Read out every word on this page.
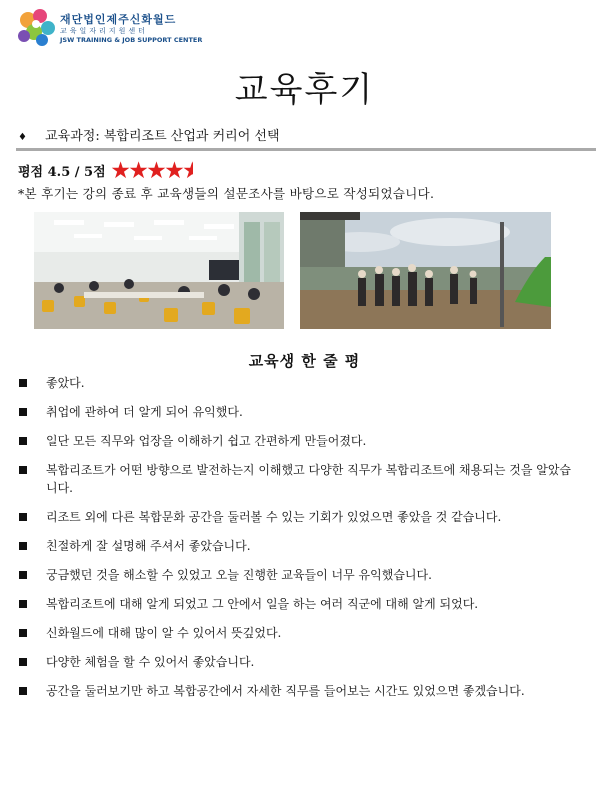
재단법인제주신화월드
교육일자리지원센터
JSW TRAINING & JOB SUPPORT CENTER
교육후기
♦ 교육과정: 복합리조트 산업과 커리어 선택
평점 4.5 / 5점 ★ ★ ★ ★ ★
*본 후기는 강의 종료 후 교육생들의 설문조사를 바탕으로 작성되었습니다.
교육생 한 줄 평
좋았다.
취업에 관하여 더 알게 되어 유익했다.
일단 모든 직무와 업장을 이해하기 쉽고 간편하게 만들어졌다.
복합리조트가 어떤 방향으로 발전하는지 이해했고 다양한 직무가 복합리조트에 채용되는 것을 알았습니다.
리조트 외에 다른 복합문화 공간을 둘러볼 수 있는 기회가 있었으면 좋았을 것 같습니다.
친절하게 잘 설명해 주셔서 좋았습니다.
궁금했던 것을 해소할 수 있었고 오늘 진행한 교육들이 너무 유익했습니다.
복합리조트에 대해 알게 되었고 그 안에서 일을 하는 여러 직군에 대해 알게 되었다.
신화월드에 대해 많이 알 수 있어서 뜻깊었다.
다양한 체험을 할 수 있어서 좋았습니다.
공간을 둘러보기만 하고 복합공간에서 자세한 직무를 들어보는 시간도 있었으면 좋겠습니다.
